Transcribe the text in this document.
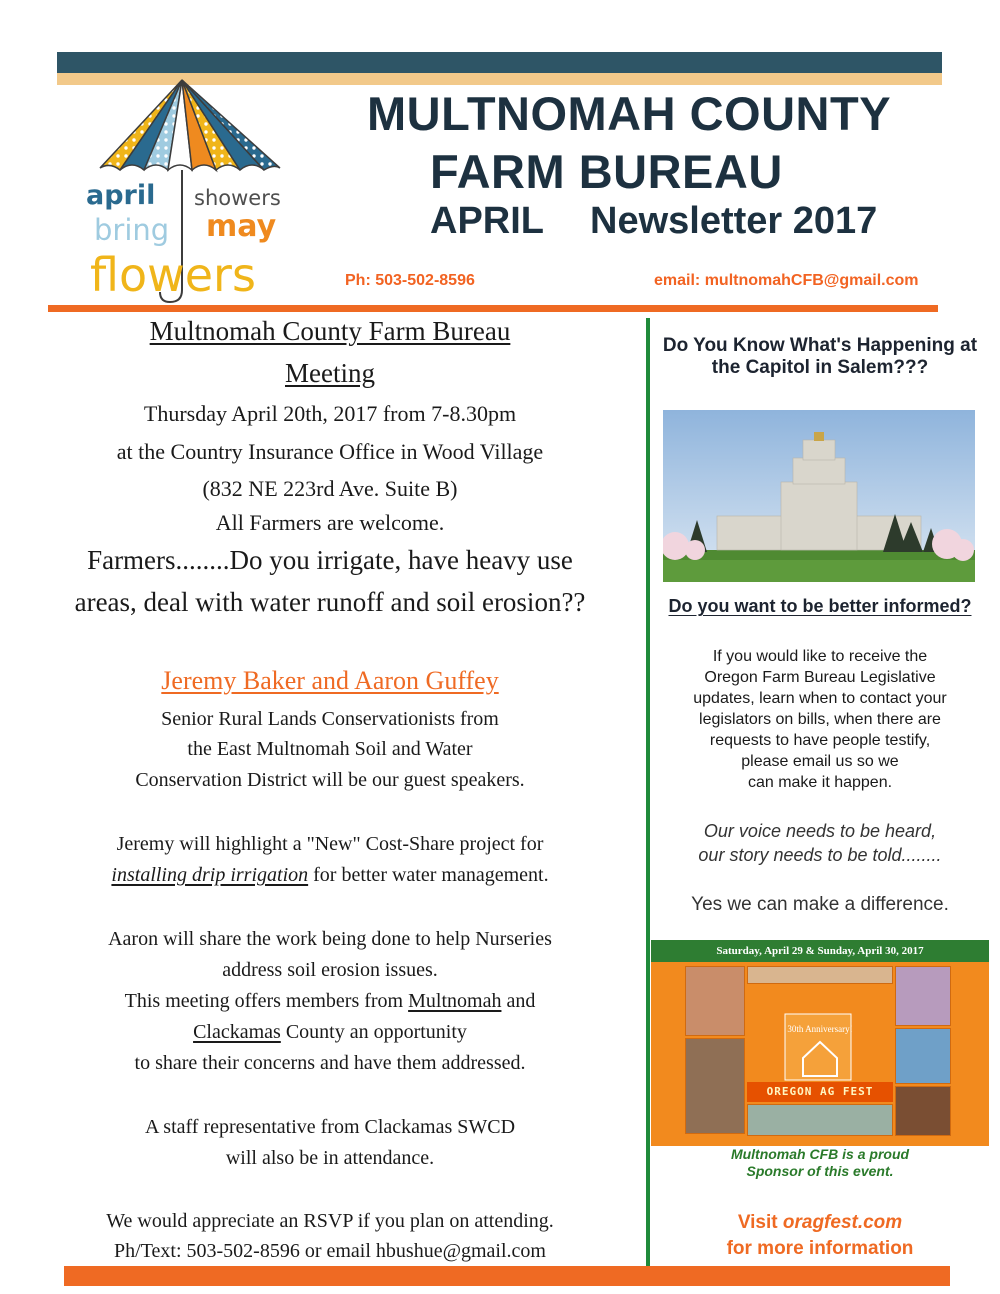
april showers
bring may
flowers
MULTNOMAH COUNTY
FARM BUREAU
APRIL Newsletter 2017
Ph: 503-502-8596	email: multnomahCFB@gmail.com
Multnomah County Farm Bureau
Meeting
Thursday April 20th, 2017 from 7-8.30pm
at the Country Insurance Office in Wood Village
(832 NE 223rd Ave. Suite B)
All Farmers are welcome.
Farmers........Do you irrigate, have heavy use
areas, deal with water runoff and soil erosion??
Jeremy Baker and Aaron Guffey
Senior Rural Lands Conservationists from
the East Multnomah Soil and Water
Conservation District will be our guest speakers.
Jeremy will highlight a "New" Cost-Share project for
installing drip irrigation for better water management.
Aaron will share the work being done to help Nurseries
address soil erosion issues.
This meeting offers members from Multnomah and
Clackamas County an opportunity
to share their concerns and have them addressed.
A staff representative from Clackamas SWCD
will also be in attendance.
We would appreciate an RSVP if you plan on attending.
Ph/Text: 503-502-8596 or email hbushue@gmail.com
Do You Know What's Happening at the Capitol in Salem???
Do you want to be better informed?
If you would like to receive the
Oregon Farm Bureau Legislative
updates, learn when to contact your
legislators on bills, when there are
requests to have people testify,
please email us so we
can make it happen.
Our voice needs to be heard,
our story needs to be told........
Yes we can make a difference.
Saturday, April 29 & Sunday, April 30, 2017
30th Anniversary!
OREGON AG FEST
Multnomah CFB is a proud
Sponsor of this event.
Visit oragfest.com
for more information
